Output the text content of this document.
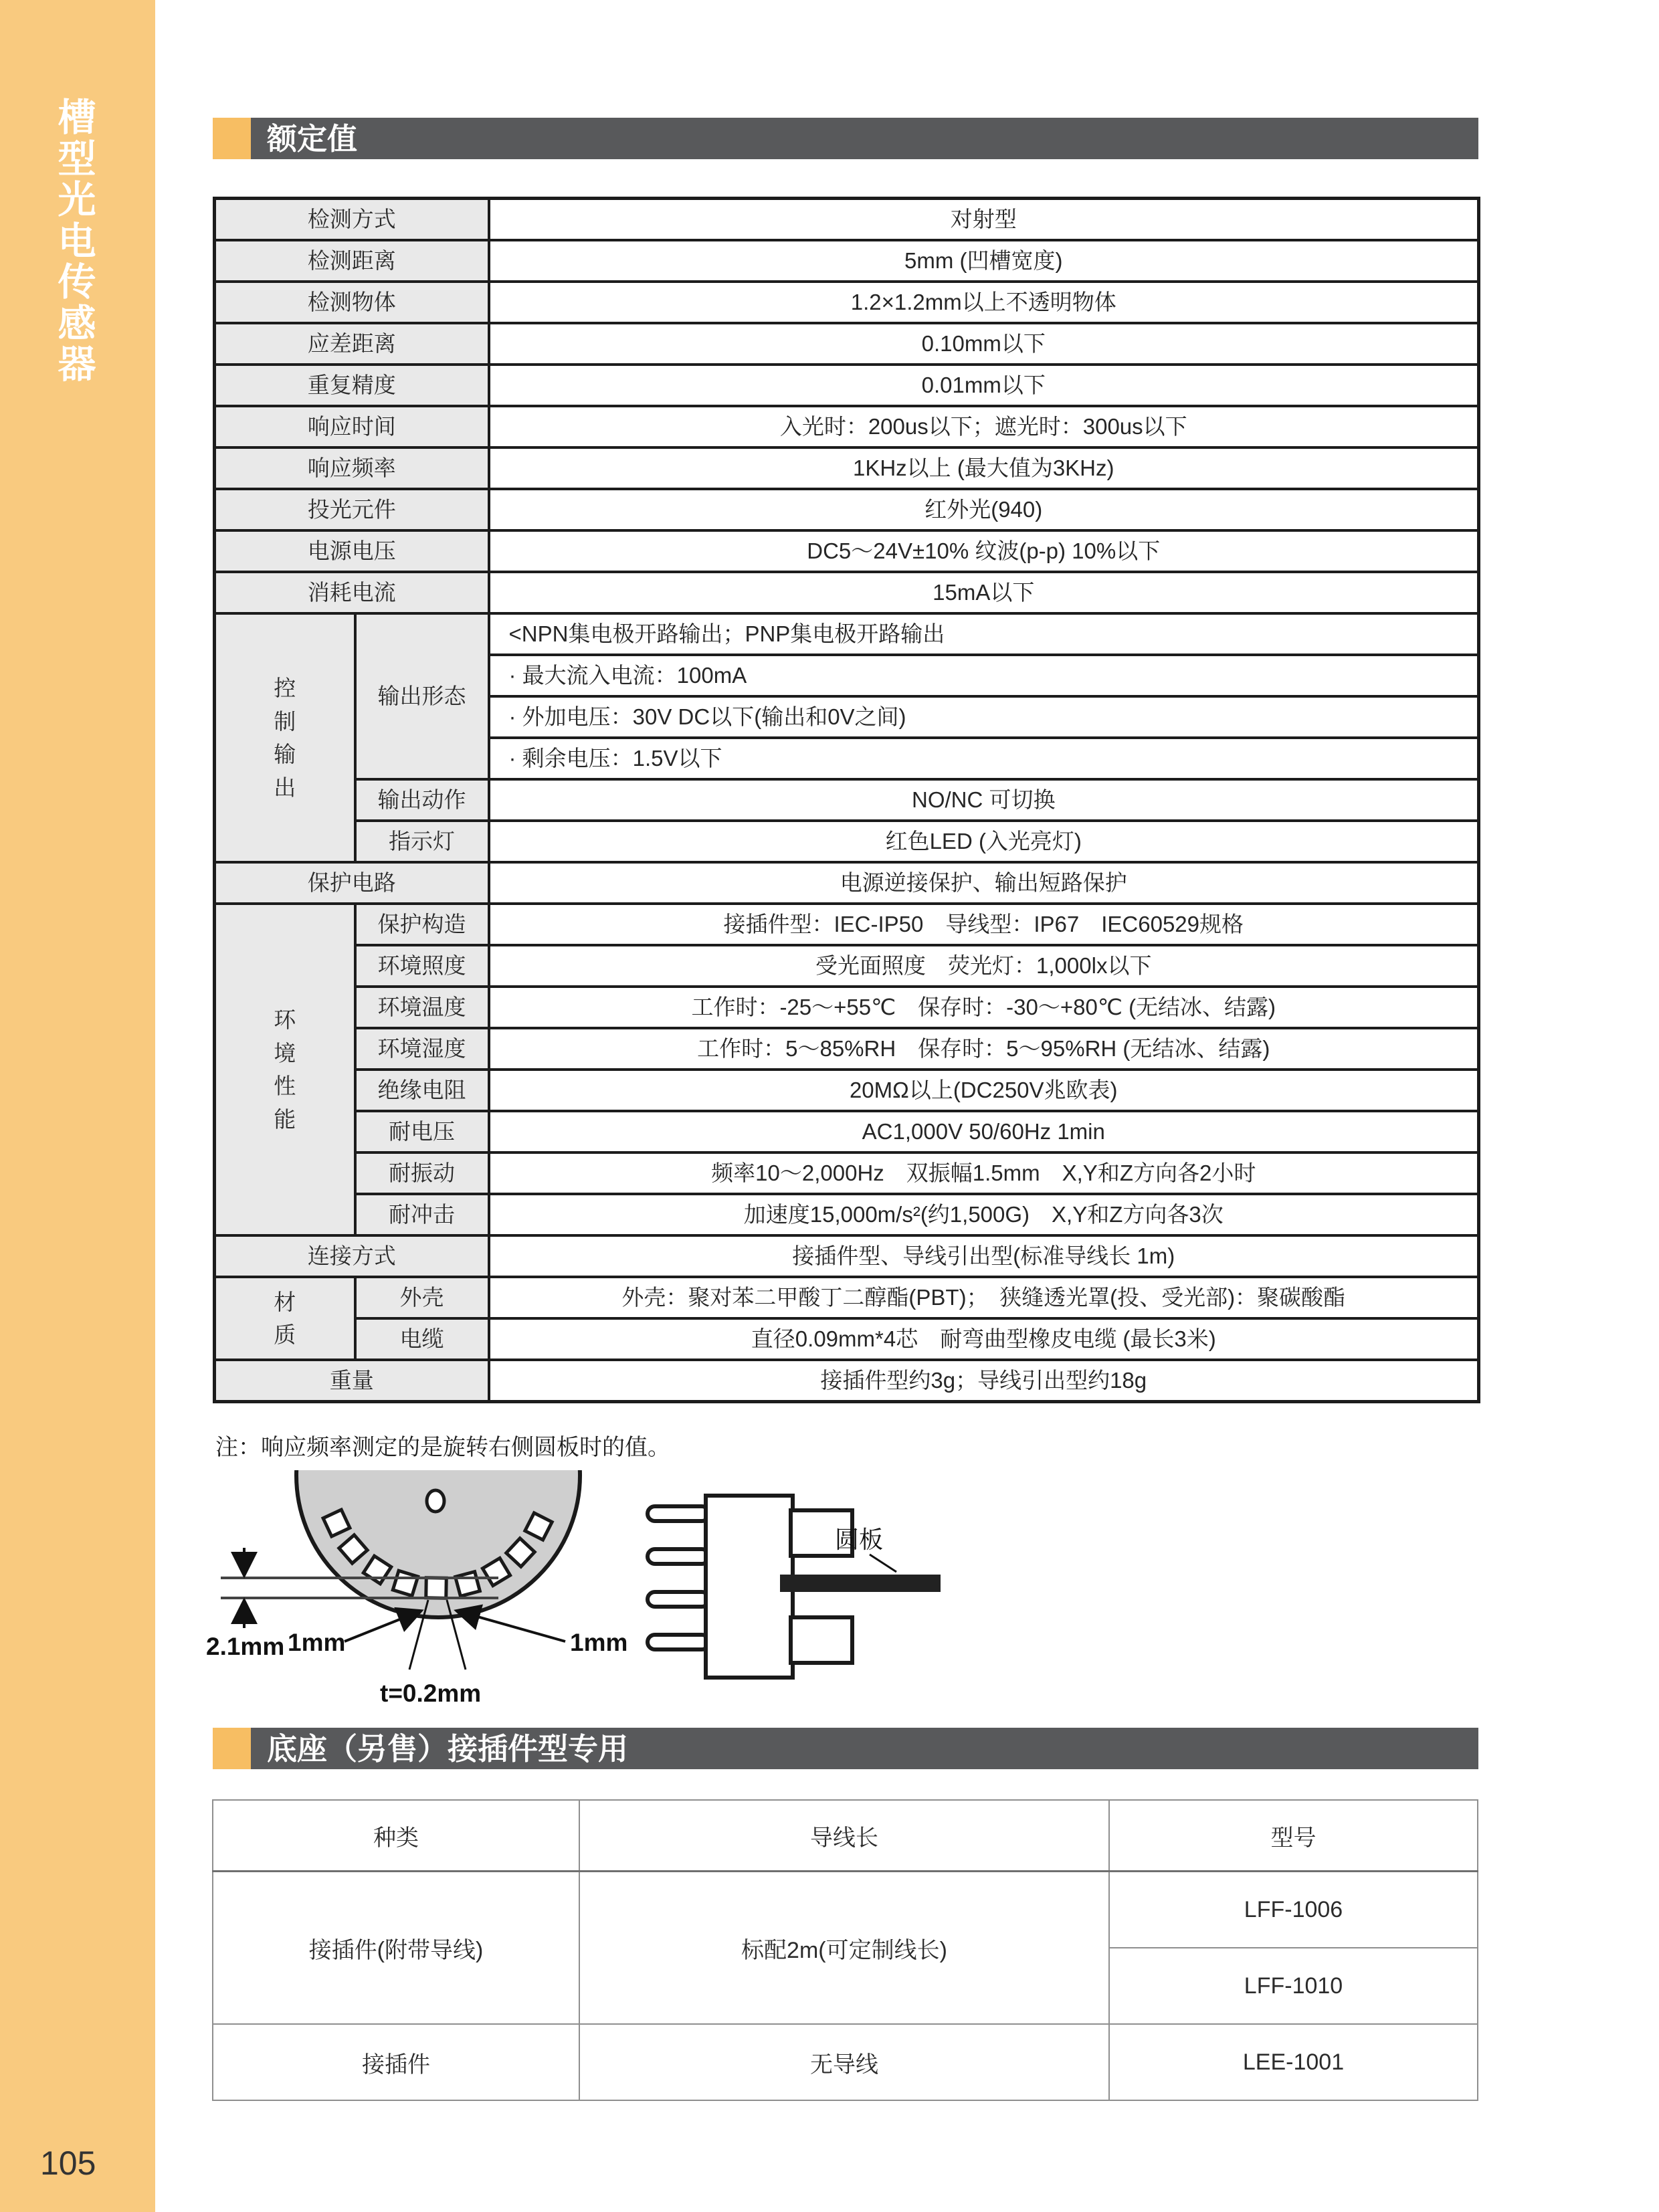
槽型光电传感器
105
额定值
检测方式		对射型
检测距离		5mm (凹槽宽度)
检测物体		1.2×1.2mm以上不透明物体
应差距离		0.10mm以下
重复精度		0.01mm以下
响应时间		入光时：200us以下；遮光时：300us以下
响应频率		1KHz以上 (最大值为3KHz)
投光元件		红外光(940)
电源电压		DC5～24V±10% 纹波(p-p) 10%以下
消耗电流		15mA以下
控制输出	输出形态	<NPN集电极开路输出；PNP集电极开路输出
		· 最大流入电流：100mA
		· 外加电压：30V DC以下(输出和0V之间)
		· 剩余电压：1.5V以下
	输出动作	NO/NC 可切换
	指示灯	红色LED (入光亮灯)
保护电路		电源逆接保护、输出短路保护
环境性能	保护构造	接插件型：IEC-IP50　导线型：IP67　IEC60529规格
	环境照度	受光面照度　荧光灯：1,000lx以下
	环境温度	工作时：-25～+55℃　保存时：-30～+80℃ (无结冰、结露)
	环境湿度	工作时：5～85%RH　保存时：5～95%RH (无结冰、结露)
	绝缘电阻	20MΩ以上(DC250V兆欧表)
	耐电压	AC1,000V 50/60Hz 1min
	耐振动	频率10～2,000Hz　双振幅1.5mm　X,Y和Z方向各2小时
	耐冲击	加速度15,000m/s²(约1,500G)　X,Y和Z方向各3次
连接方式		接插件型、导线引出型(标准导线长 1m)
材质	外壳	外壳：聚对苯二甲酸丁二醇酯(PBT)；　狭缝透光罩(投、受光部)：聚碳酸酯
	电缆	直径0.09mm*4芯　耐弯曲型橡皮电缆 (最长3米)
重量		接插件型约3g；导线引出型约18g
注：响应频率测定的是旋转右侧圆板时的值。
2.1mm 1mm	1mm
t=0.2mm
圆板
底座（另售）接插件型专用
种类	导线长	型号
接插件(附带导线)	标配2m(可定制线长)	LFF-1006
		LFF-1010
接插件	无导线	LEE-1001
